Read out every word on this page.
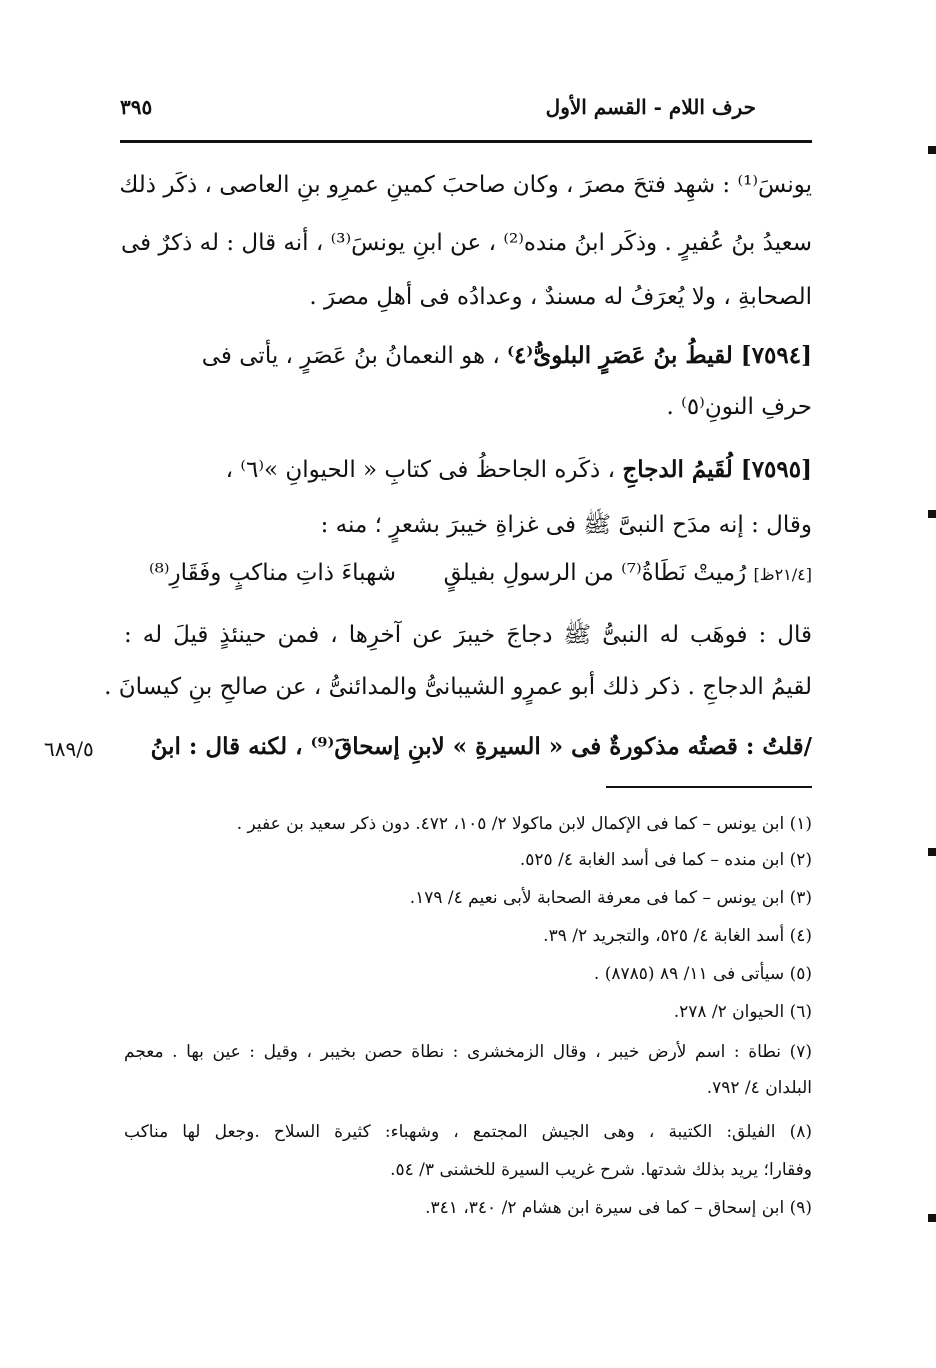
حرف اللام - القسم الأول
٣٩٥
يونسَ⁽¹⁾ : شهِد فتحَ مصرَ ، وكان صاحبَ كمينِ عمرِو بنِ العاصى ، ذكَر ذلك
سعيدُ بنُ عُفيرٍ . وذكَر ابنُ منده⁽²⁾ ، عن ابنِ يونسَ⁽³⁾ ، أنه قال : له ذكرٌ فى
الصحابةِ ، ولا يُعرَفُ له مسندٌ ، وعدادُه فى أهلِ مصرَ .
[٧٥٩٤] لقيطُ بنُ عَصَرٍ البلوىُّ⁽٤⁾ ، هو النعمانُ بنُ عَصَرٍ ، يأتى فى
حرفِ النونِ⁽٥⁾ .
[٧٥٩٥] لُقَيمُ الدجاجِ ، ذكَره الجاحظُ فى كتابِ « الحيوانِ »⁽٦⁾ ،
وقال : إنه مدَح النبىَّ ﷺ فى غزاةِ خيبرَ بشعرٍ ؛ منه :
[٢١/٤ظ] رُميتْ نَطَاةُ⁽⁷⁾ من الرسولِ بفيلقٍ
شهباءَ ذاتِ مناكبٍ وفَقَارِ⁽⁸⁾
قال : فوهَب له النبىُّ ﷺ دجاجَ خيبرَ عن آخرِها ، فمن حينئذٍ قيلَ له :
لقيمُ الدجاجِ . ذكر ذلك أبو عمرٍو الشيبانىُّ والمدائنىُّ ، عن صالحِ بنِ كيسانَ .
/قلتُ : قصتُه مذكورةٌ فى « السيرةِ » لابنِ إسحاقَ⁽⁹⁾ ، لكنه قال : ابنُ
٦٨٩/٥
(١) ابن يونس – كما فى الإكمال لابن ماكولا ٢/ ١٠٥، ٤٧٢. دون ذكر سعيد بن عفير .
(٢) ابن منده – كما فى أسد الغابة ٤/ ٥٢٥.
(٣) ابن يونس – كما فى معرفة الصحابة لأبى نعيم ٤/ ١٧٩.
(٤) أسد الغابة ٤/ ٥٢٥، والتجريد ٢/ ٣٩.
(٥) سيأتى فى ١١/ ٨٩ (٨٧٨٥) .
(٦) الحيوان ٢/ ٢٧٨.
(٧) نطاة : اسم لأرض خيبر ، وقال الزمخشرى : نطاة حصن بخيبر ، وقيل : عين بها . معجم
البلدان ٤/ ٧٩٢.
(٨) الفيلق: الكتيبة ، وهى الجيش المجتمع ، وشهباء: كثيرة السلاح .وجعل لها مناكب
وفقارا؛ يريد بذلك شدتها. شرح غريب السيرة للخشنى ٣/ ٥٤.
(٩) ابن إسحاق – كما فى سيرة ابن هشام ٢/ ٣٤٠، ٣٤١.
